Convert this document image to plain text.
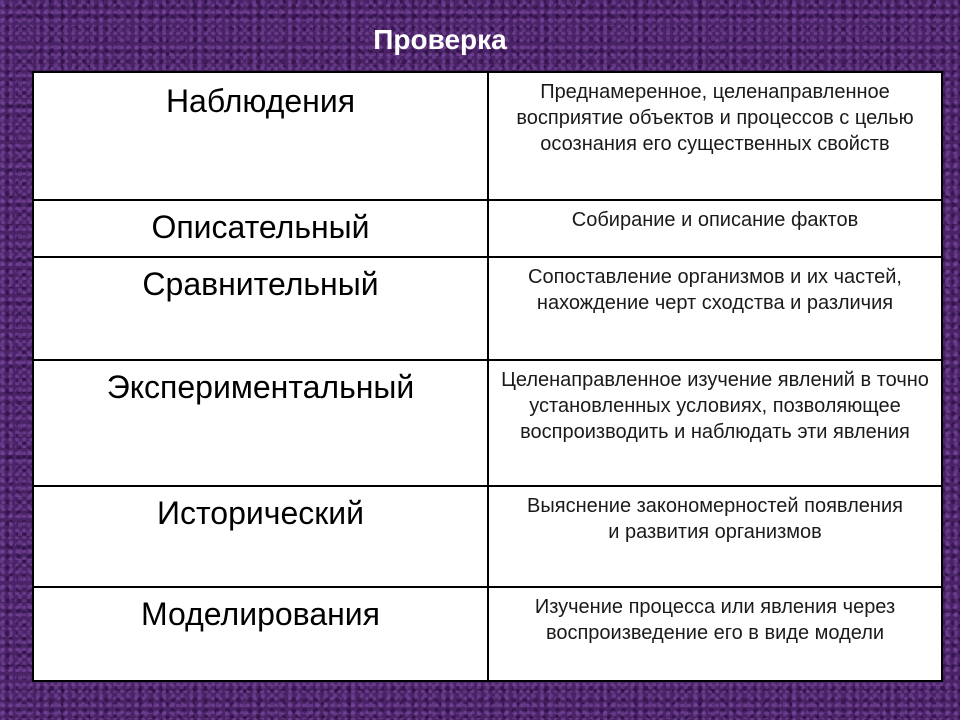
Проверка
Наблюдения	Преднамеренное, целенаправленное восприятие объектов и процессов с целью осознания его существенных свойств
Описательный	Собирание и описание фактов
Сравнительный	Сопоставление организмов и их частей, нахождение черт сходства и различия
Экспериментальный	Целенаправленное изучение явлений в точно установленных условиях, позволяющее воспроизводить и наблюдать эти явления
Исторический	Выяснение закономерностей появления и развития организмов
Моделирования	Изучение процесса или явления через воспроизведение его в виде модели
